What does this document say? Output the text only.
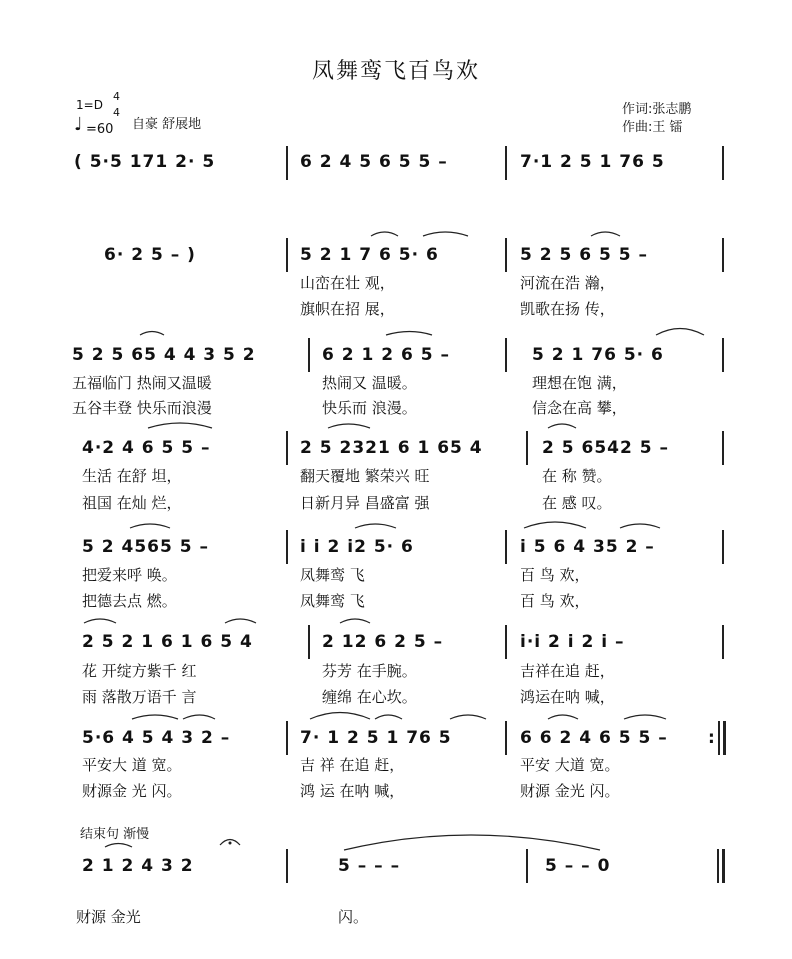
凤舞鸾飞百鸟欢
1=D
4
4
♩ =60 自豪 舒展地
作词:张志鹏
作曲:王 镭
( 5·5 171 2· 5	6 2 4 5 6 5 5 –	7·1 2 5 1 76 5
6· 2 5 – )	5 2 1 7 6 5· 6	5 2 5 6 5 5 –
山峦在壮 观，	河流在浩 瀚，
旗帜在招 展，	凯歌在扬 传，
5 2 5 65 4 4 3 5 2	6 2 1 2 6 5 –	5 2 1 76 5· 6
五福临门 热闹又温暖	热闹又 温暖。	理想在饱 满，
五谷丰登 快乐而浪漫	快乐而 浪漫。	信念在高 攀，
4·2 4 6 5 5 –	2 5 2321 6 1 65 4	2 5 6542 5 –
生活 在舒 坦，	翻天覆地 繁荣兴 旺	在 称 赞。
祖国 在灿 烂，	日新月异 昌盛富 强	在 感 叹。
5 2 4565 5 –	i i 2 i2 5· 6	i 5 6 4 35 2 –
把爱来呼 唤。	凤舞鸾 飞	百 鸟 欢，
把德去点 燃。	凤舞鸾 飞	百 鸟 欢，
2 5 2 1 6 1 6 5 4	2 12 6 2 5 –	i·i 2 i 2 i –
花 开绽方紫千 红	芬芳 在手腕。	吉祥在追 赶，
雨 落散万语千 言	缠绵 在心坎。	鸿运在呐 喊，
5·6 4 5 4 3 2 –	7· 1 2 5 1 76 5	6 6 2 4 6 5 5 – :
平安大 道 宽。	吉 祥 在追 赶，	平安 大道 宽。
财源金 光 闪。	鸿 运 在呐 喊，	财源 金光 闪。
结束句 渐慢
2 1 2 4 3 2	5 – – –	5 – – 0
财源 金光	闪。
